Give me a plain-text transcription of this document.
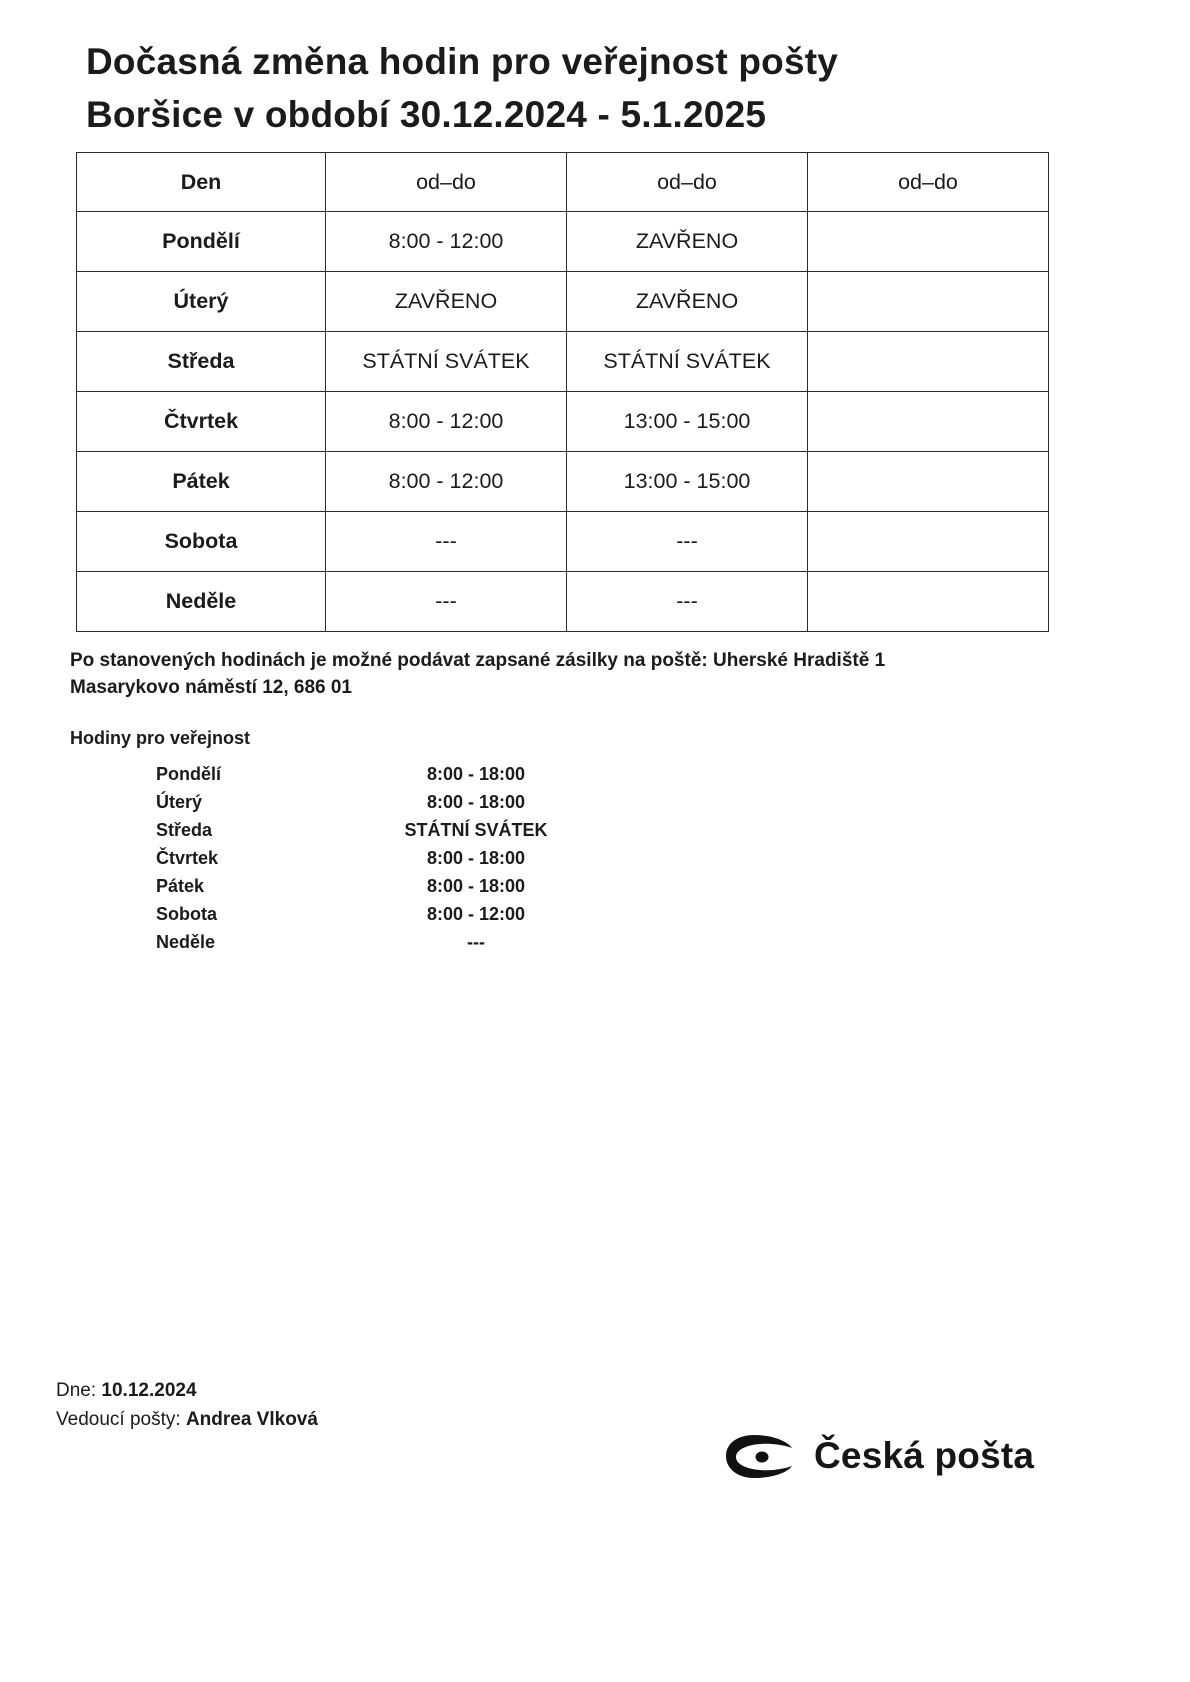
Dočasná změna hodin pro veřejnost pošty
Boršice v období 30.12.2024 - 5.1.2025
Den	od–do	od–do	od–do
Pondělí	8:00 - 12:00	ZAVŘENO	
Úterý	ZAVŘENO	ZAVŘENO	
Středa	STÁTNÍ SVÁTEK	STÁTNÍ SVÁTEK	
Čtvrtek	8:00 - 12:00	13:00 - 15:00	
Pátek	8:00 - 12:00	13:00 - 15:00	
Sobota	---	---	
Neděle	---	---	
Po stanovených hodinách je možné podávat zapsané zásilky na poště: Uherské Hradiště 1
Masarykovo náměstí 12, 686 01
Hodiny pro veřejnost
Pondělí	8:00 - 18:00
Úterý	8:00 - 18:00
Středa	STÁTNÍ SVÁTEK
Čtvrtek	8:00 - 18:00
Pátek	8:00 - 18:00
Sobota	8:00 - 12:00
Neděle	---
Dne: 10.12.2024
Vedoucí pošty: Andrea Vlková
Česká pošta
